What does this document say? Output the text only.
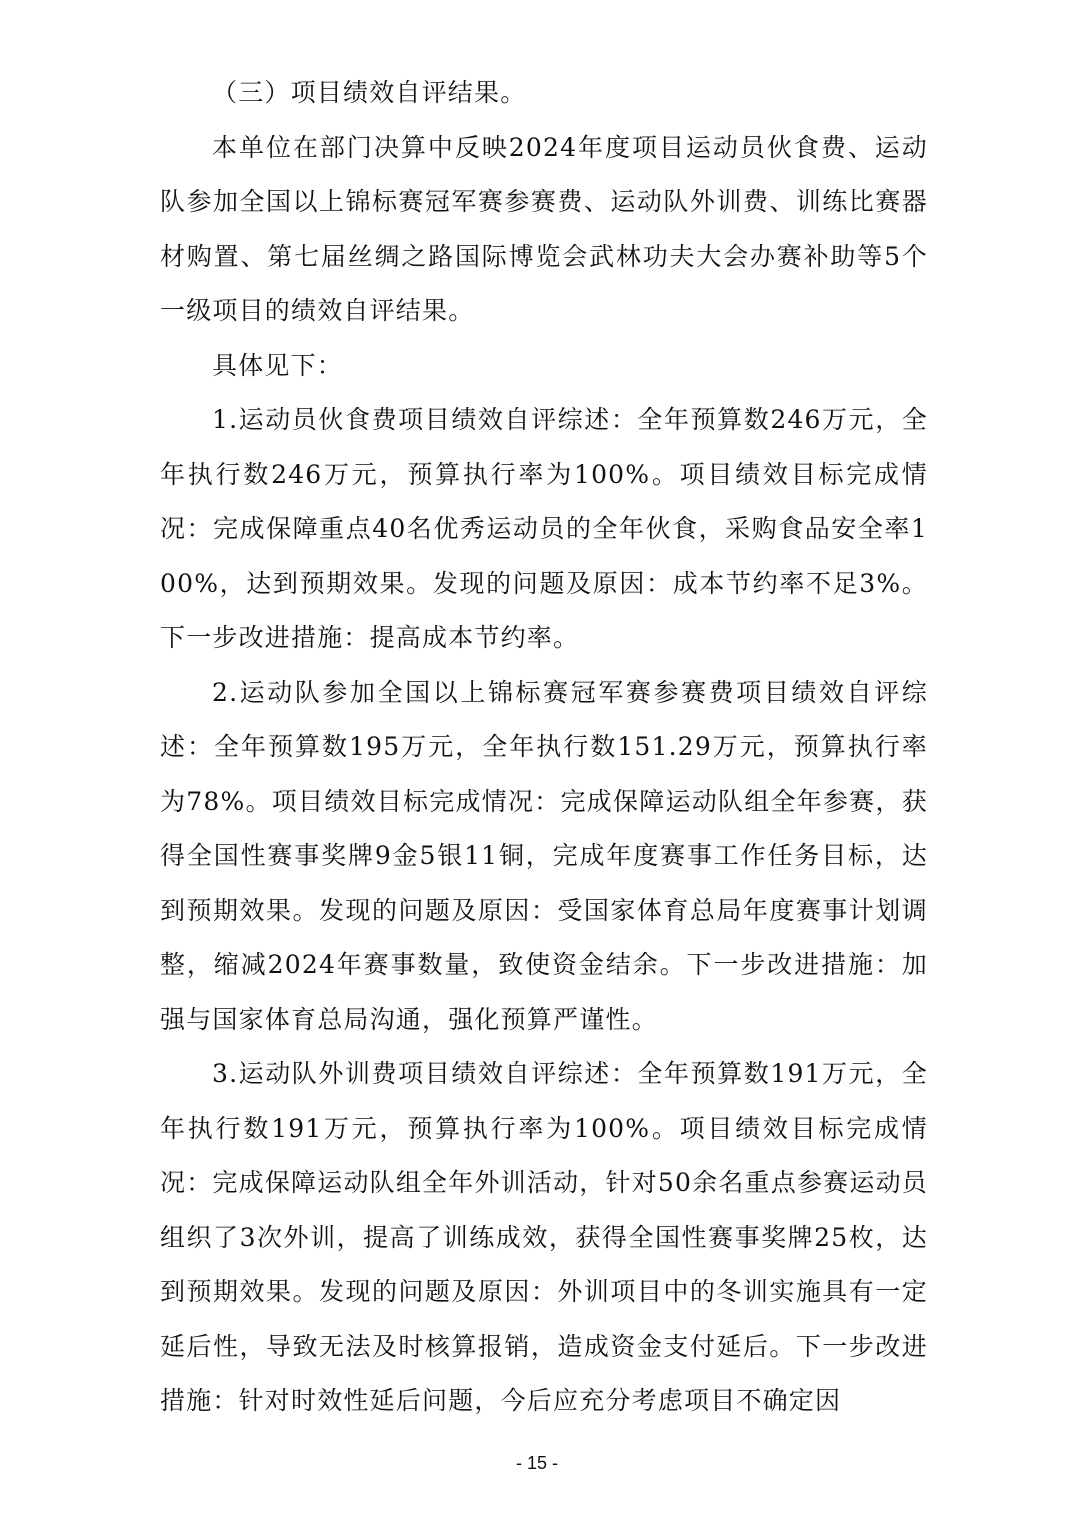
（三）项目绩效自评结果。

本单位在部门决算中反映2024年度项目运动员伙食费、运动队参加全国以上锦标赛冠军赛参赛费、运动队外训费、训练比赛器材购置、第七届丝绸之路国际博览会武林功夫大会办赛补助等5个一级项目的绩效自评结果。

具体见下：

1.运动员伙食费项目绩效自评综述：全年预算数246万元，全年执行数246万元，预算执行率为100%。项目绩效目标完成情况：完成保障重点40名优秀运动员的全年伙食，采购食品安全率100%，达到预期效果。发现的问题及原因：成本节约率不足3%。下一步改进措施：提高成本节约率。

2.运动队参加全国以上锦标赛冠军赛参赛费项目绩效自评综述：全年预算数195万元，全年执行数151.29万元，预算执行率为78%。项目绩效目标完成情况：完成保障运动队组全年参赛，获得全国性赛事奖牌9金5银11铜，完成年度赛事工作任务目标，达到预期效果。发现的问题及原因：受国家体育总局年度赛事计划调整，缩减2024年赛事数量，致使资金结余。下一步改进措施：加强与国家体育总局沟通，强化预算严谨性。

3.运动队外训费项目绩效自评综述：全年预算数191万元，全年执行数191万元，预算执行率为100%。项目绩效目标完成情况：完成保障运动队组全年外训活动，针对50余名重点参赛运动员组织了3次外训，提高了训练成效，获得全国性赛事奖牌25枚，达到预期效果。发现的问题及原因：外训项目中的冬训实施具有一定延后性，导致无法及时核算报销，造成资金支付延后。下一步改进措施：针对时效性延后问题，今后应充分考虑项目不确定因

- 15 -
